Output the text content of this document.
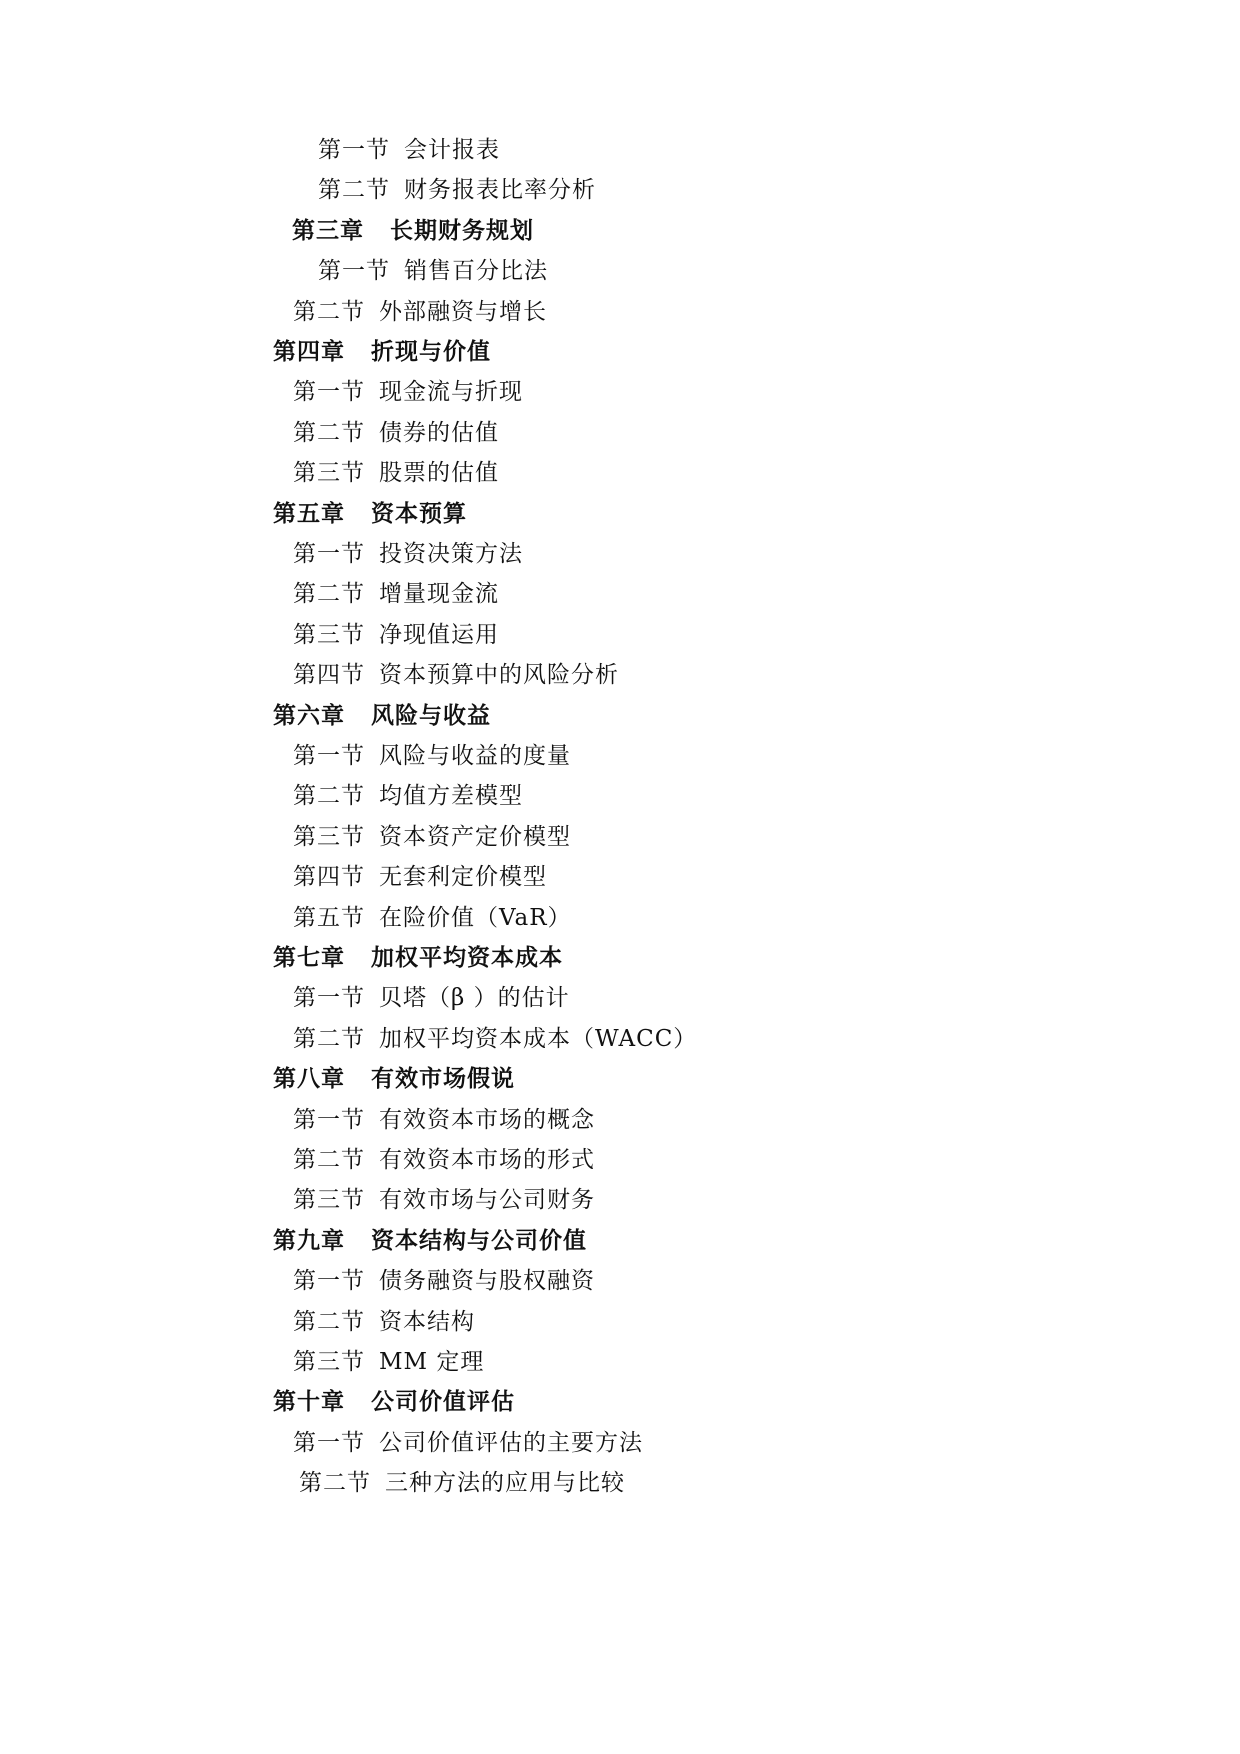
第一节 会计报表
第二节 财务报表比率分析
第三章 长期财务规划
第一节 销售百分比法
第二节 外部融资与增长
第四章 折现与价值
第一节 现金流与折现
第二节 债券的估值
第三节 股票的估值
第五章 资本预算
第一节 投资决策方法
第二节 增量现金流
第三节 净现值运用
第四节 资本预算中的风险分析
第六章 风险与收益
第一节 风险与收益的度量
第二节 均值方差模型
第三节 资本资产定价模型
第四节 无套利定价模型
第五节 在险价值（VaR）
第七章 加权平均资本成本
第一节 贝塔（β ）的估计
第二节 加权平均资本成本（WACC）
第八章 有效市场假说
第一节 有效资本市场的概念
第二节 有效资本市场的形式
第三节 有效市场与公司财务
第九章 资本结构与公司价值
第一节 债务融资与股权融资
第二节 资本结构
第三节 MM 定理
第十章 公司价值评估
第一节 公司价值评估的主要方法
第二节 三种方法的应用与比较
